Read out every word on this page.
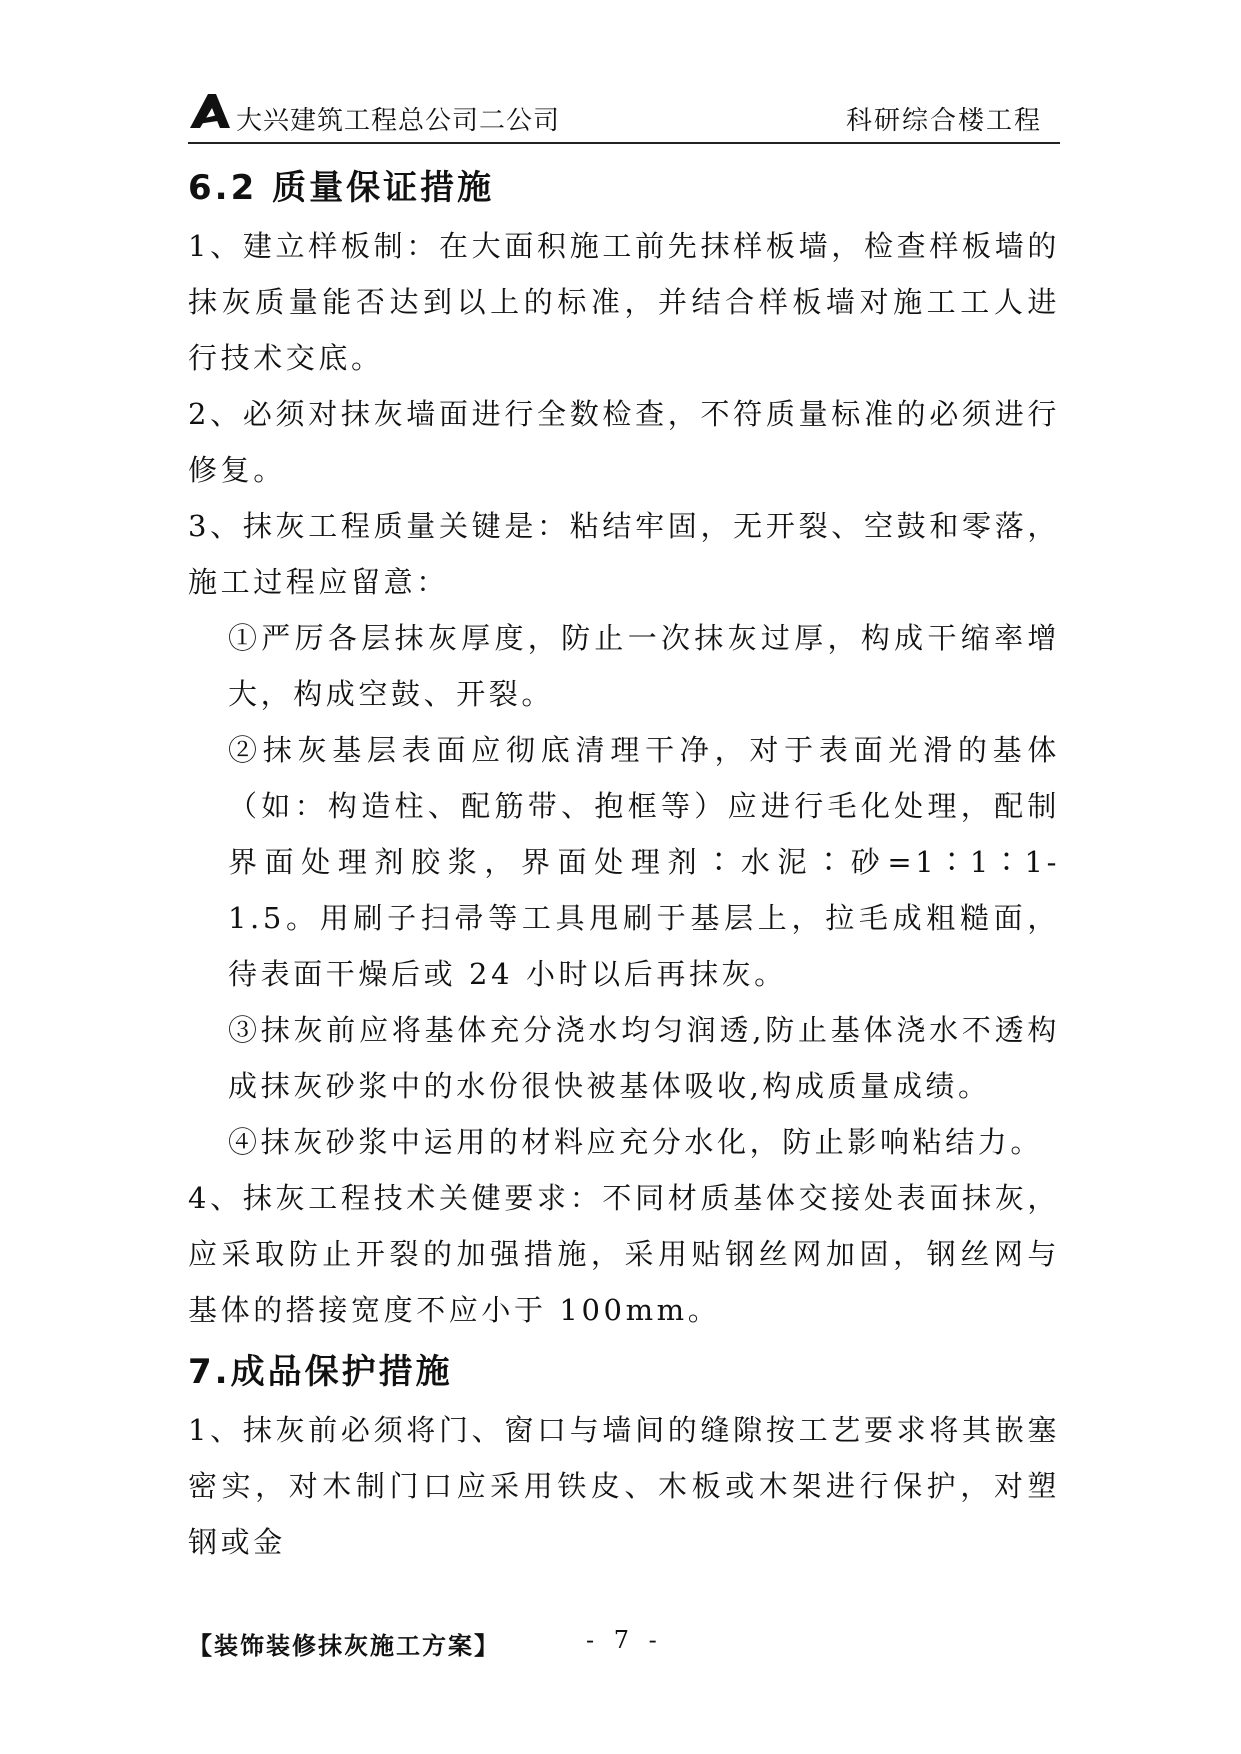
大兴建筑工程总公司二公司	科研综合楼工程
6.2 质量保证措施

1、建立样板制：在大面积施工前先抹样板墙，检查样板墙的抹灰质量能否达到以上的标准，并结合样板墙对施工工人进行技术交底。

2、必须对抹灰墙面进行全数检查，不符质量标准的必须进行修复。

3、抹灰工程质量关键是：粘结牢固，无开裂、空鼓和零落，施工过程应留意：

①严厉各层抹灰厚度，防止一次抹灰过厚，构成干缩率增大，构成空鼓、开裂。

②抹灰基层表面应彻底清理干净，对于表面光滑的基体（如：构造柱、配筋带、抱框等）应进行毛化处理，配制界面处理剂胶浆，界面处理剂∶水泥∶砂=1∶1∶1-1.5。用刷子扫帚等工具甩刷于基层上，拉毛成粗糙面，待表面干燥后或 24 小时以后再抹灰。

③抹灰前应将基体充分浇水均匀润透,防止基体浇水不透构成抹灰砂浆中的水份很快被基体吸收,构成质量成绩。

④抹灰砂浆中运用的材料应充分水化，防止影响粘结力。

4、抹灰工程技术关健要求：不同材质基体交接处表面抹灰，应采取防止开裂的加强措施，采用贴钢丝网加固，钢丝网与基体的搭接宽度不应小于 100mm。

7.成品保护措施

1、抹灰前必须将门、窗口与墙间的缝隙按工艺要求将其嵌塞密实，对木制门口应采用铁皮、木板或木架进行保护，对塑钢或金

【装饰装修抹灰施工方案】	- 7 -
